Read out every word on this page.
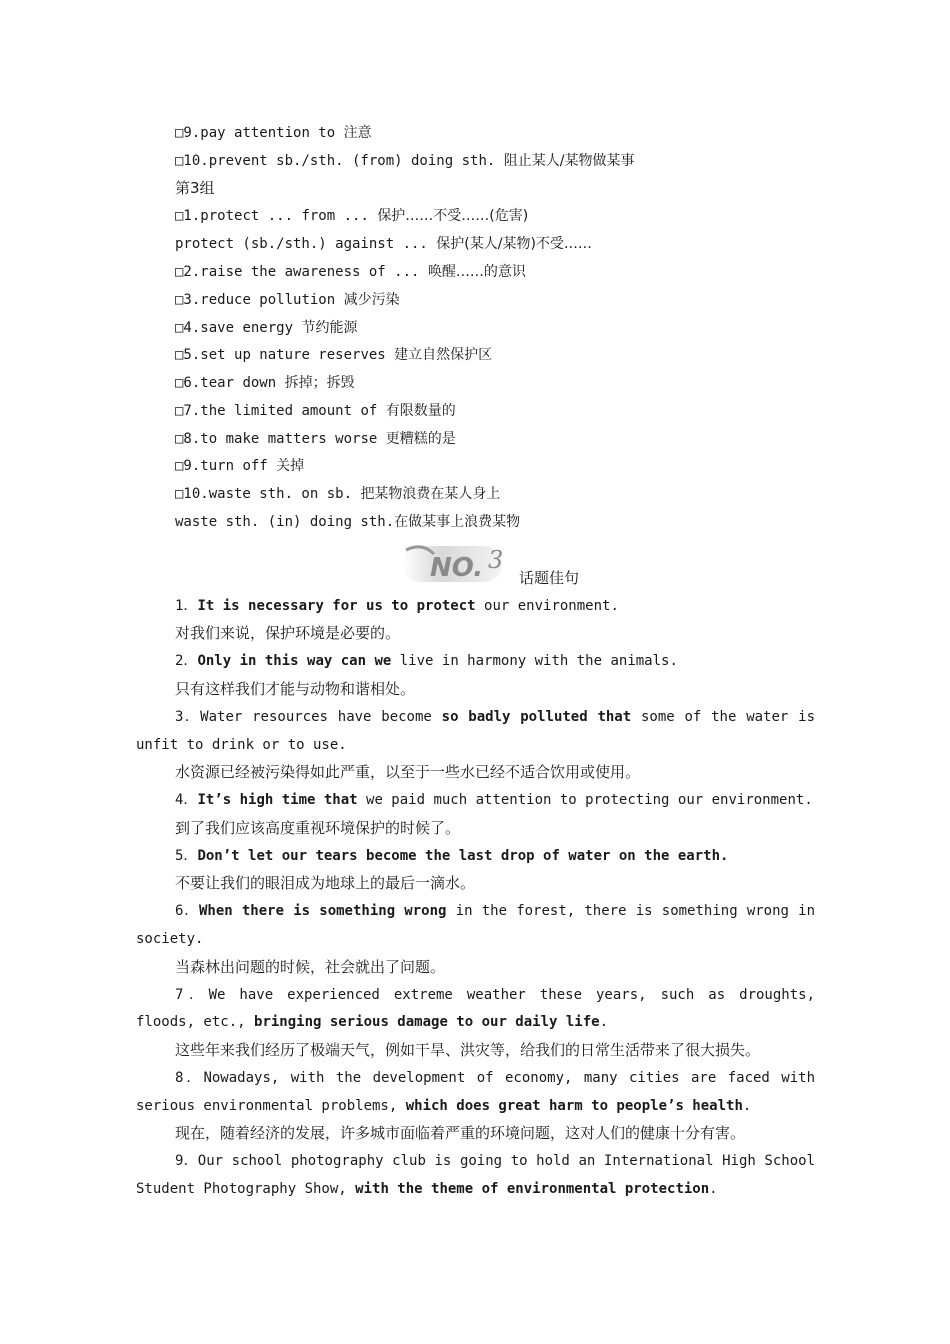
□9.pay attention to 注意
□10.prevent sb./sth. (from) doing sth. 阻止某人/某物做某事
第3组
□1.protect ... from ... 保护……不受……(危害)
protect (sb./sth.) against ... 保护(某人/某物)不受……
□2.raise the awareness of ... 唤醒……的意识
□3.reduce pollution 减少污染
□4.save energy 节约能源
□5.set up nature reserves 建立自然保护区
□6.tear down 拆掉；拆毁
□7.the limited amount of 有限数量的
□8.to make matters worse 更糟糕的是
□9.turn off 关掉
□10.waste sth. on sb. 把某物浪费在某人身上
waste sth. (in) doing sth.在做某事上浪费某物
NO. 3
话题佳句
1．It is necessary for us to protect our environment.
对我们来说，保护环境是必要的。
2．Only in this way can we live in harmony with the animals.
只有这样我们才能与动物和谐相处。
3．Water resources have become so badly polluted that some of the water is
unfit to drink or to use.
水资源已经被污染得如此严重，以至于一些水已经不适合饮用或使用。
4．It’s high time that we paid much attention to protecting our environment.
到了我们应该高度重视环境保护的时候了。
5．Don’t let our tears become the last drop of water on the earth.
不要让我们的眼泪成为地球上的最后一滴水。
6．When there is something wrong in the forest, there is something wrong in
society.
当森林出问题的时候，社会就出了问题。
7．We have experienced extreme weather these years, such as droughts,
floods, etc., bringing serious damage to our daily life.
这些年来我们经历了极端天气，例如干旱、洪灾等，给我们的日常生活带来了很大损失。
8．Nowadays, with the development of economy, many cities are faced with
serious environmental problems, which does great harm to people’s health.
现在，随着经济的发展，许多城市面临着严重的环境问题，这对人们的健康十分有害。
9．Our school photography club is going to hold an International High School
Student Photography Show, with the theme of environmental protection.
